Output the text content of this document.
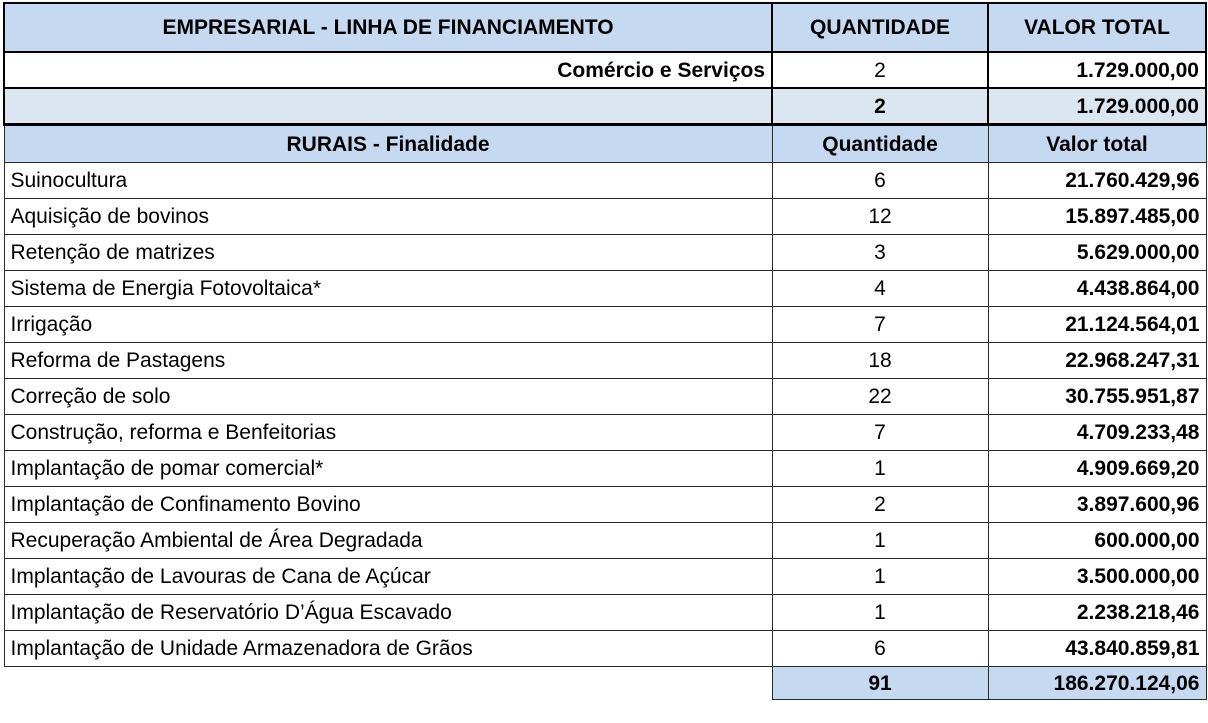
EMPRESARIAL - LINHA DE FINANCIAMENTO	QUANTIDADE	VALOR TOTAL
Comércio e Serviços	2	1.729.000,00
	2	1.729.000,00
RURAIS - Finalidade	Quantidade	Valor total
Suinocultura	6	21.760.429,96
Aquisição de bovinos	12	15.897.485,00
Retenção de matrizes	3	5.629.000,00
Sistema de Energia Fotovoltaica*	4	4.438.864,00
Irrigação	7	21.124.564,01
Reforma de Pastagens	18	22.968.247,31
Correção de solo	22	30.755.951,87
Construção, reforma e Benfeitorias	7	4.709.233,48
Implantação de pomar comercial*	1	4.909.669,20
Implantação de Confinamento Bovino	2	3.897.600,96
Recuperação Ambiental de Área Degradada	1	600.000,00
Implantação de Lavouras de Cana de Açúcar	1	3.500.000,00
Implantação de Reservatório D’Água Escavado	1	2.238.218,46
Implantação de Unidade Armazenadora de Grãos	6	43.840.859,81
	91	186.270.124,06
